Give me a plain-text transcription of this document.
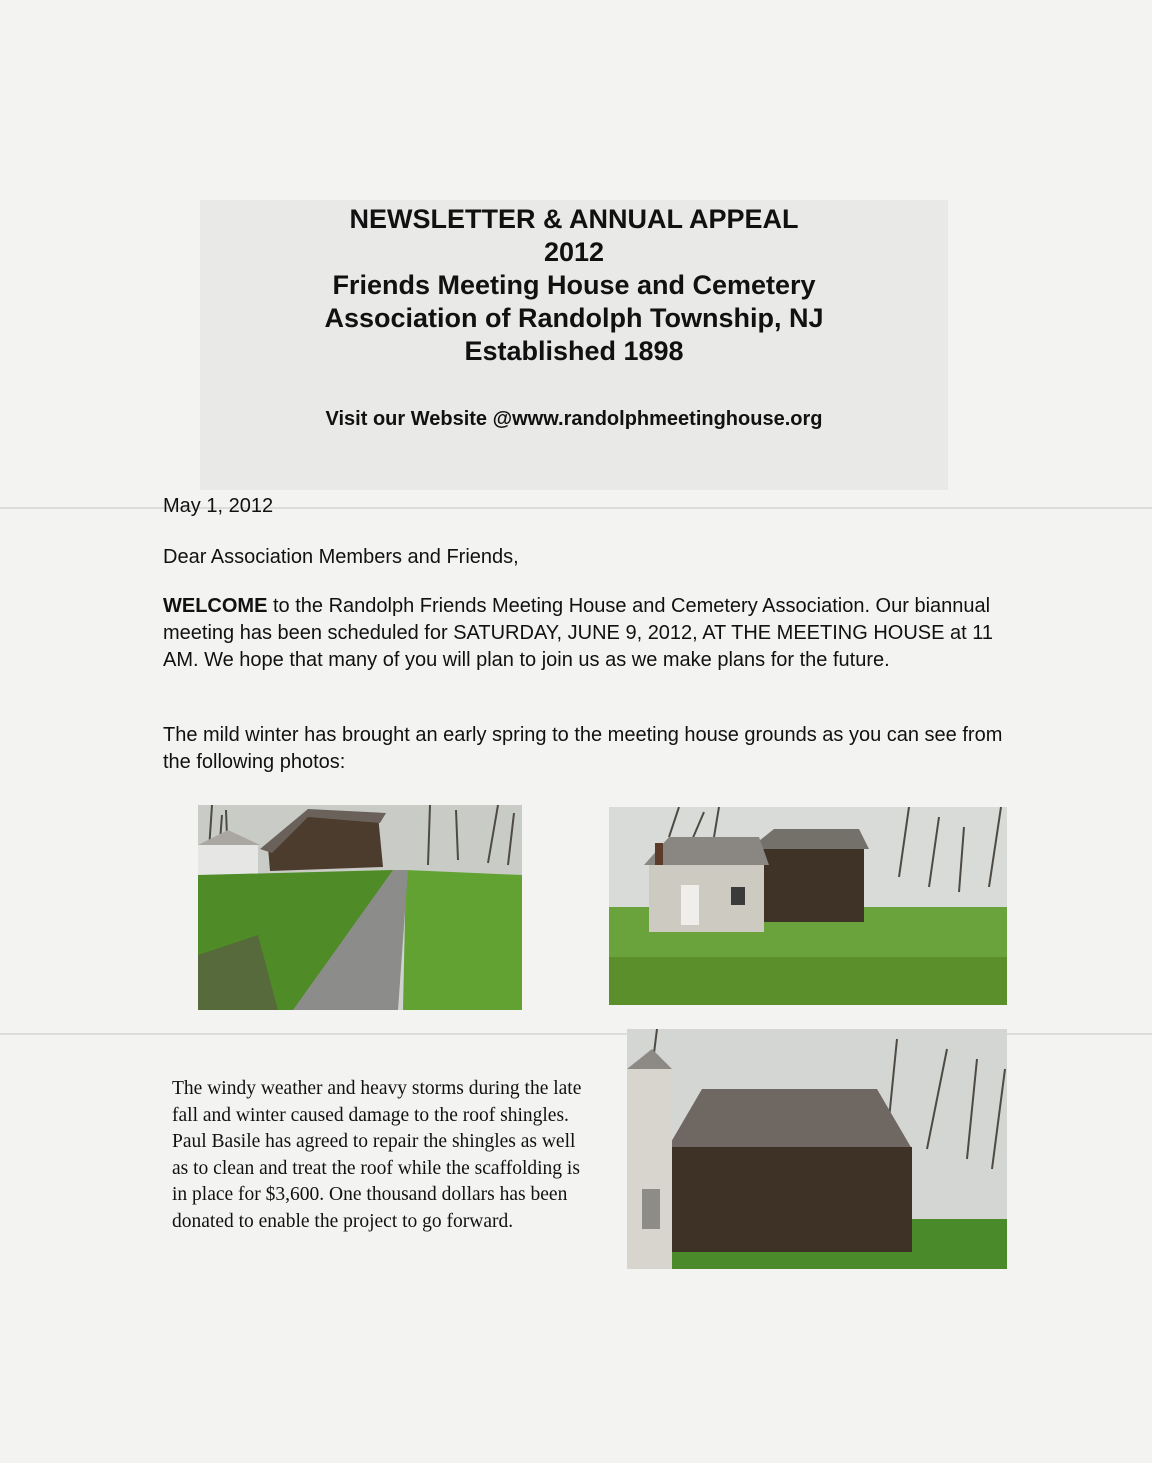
NEWSLETTER & ANNUAL APPEAL
2012
Friends Meeting House and Cemetery
Association of Randolph Township, NJ
Established 1898
Visit our Website @www.randolphmeetinghouse.org
May 1, 2012
Dear Association Members and Friends,
WELCOME to the Randolph Friends Meeting House and Cemetery Association. Our biannual meeting has been scheduled for SATURDAY, JUNE 9, 2012, AT THE MEETING HOUSE at 11 AM. We hope that many of you will plan to join us as we make plans for the future.
The mild winter has brought an early spring to the meeting house grounds as you can see from the following photos:
The windy weather and heavy storms during the late fall and winter caused damage to the roof shingles. Paul Basile has agreed to repair the shingles as well as to clean and treat the roof while the scaffolding is in place for $3,600. One thousand dollars has been donated to enable the project to go forward.
